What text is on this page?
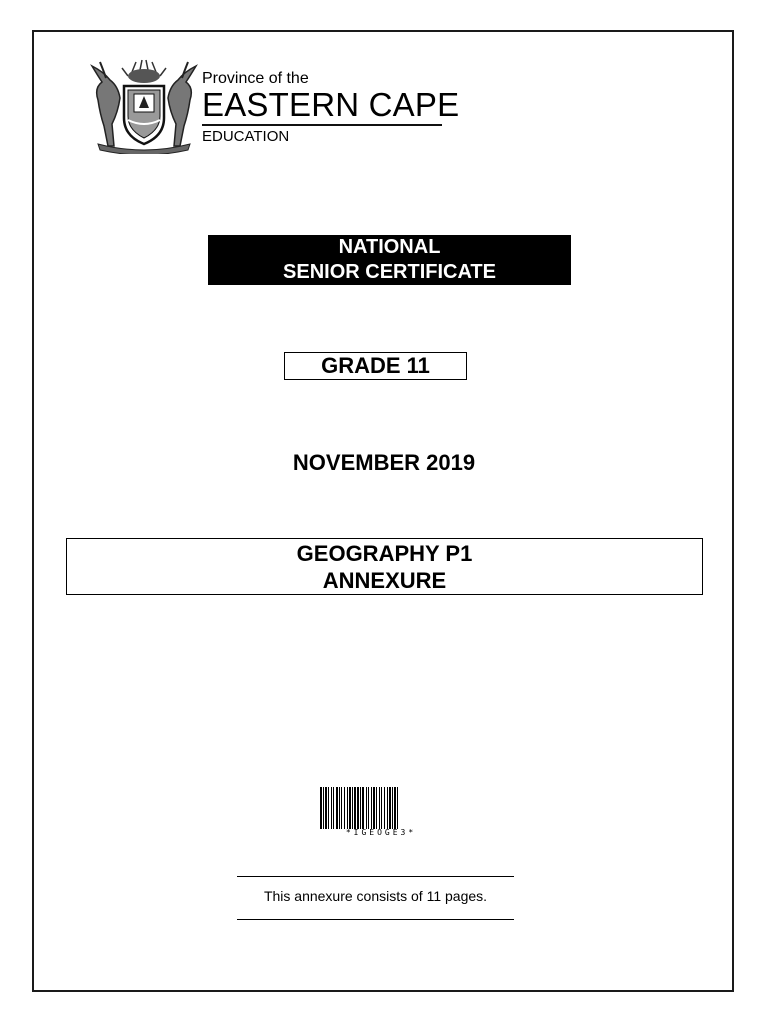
Province of the
EASTERN CAPE
EDUCATION
NATIONAL
SENIOR CERTIFICATE
GRADE 11
NOVEMBER 2019
GEOGRAPHY P1
ANNEXURE
*IGEOGE3*
This annexure consists of 11 pages.
